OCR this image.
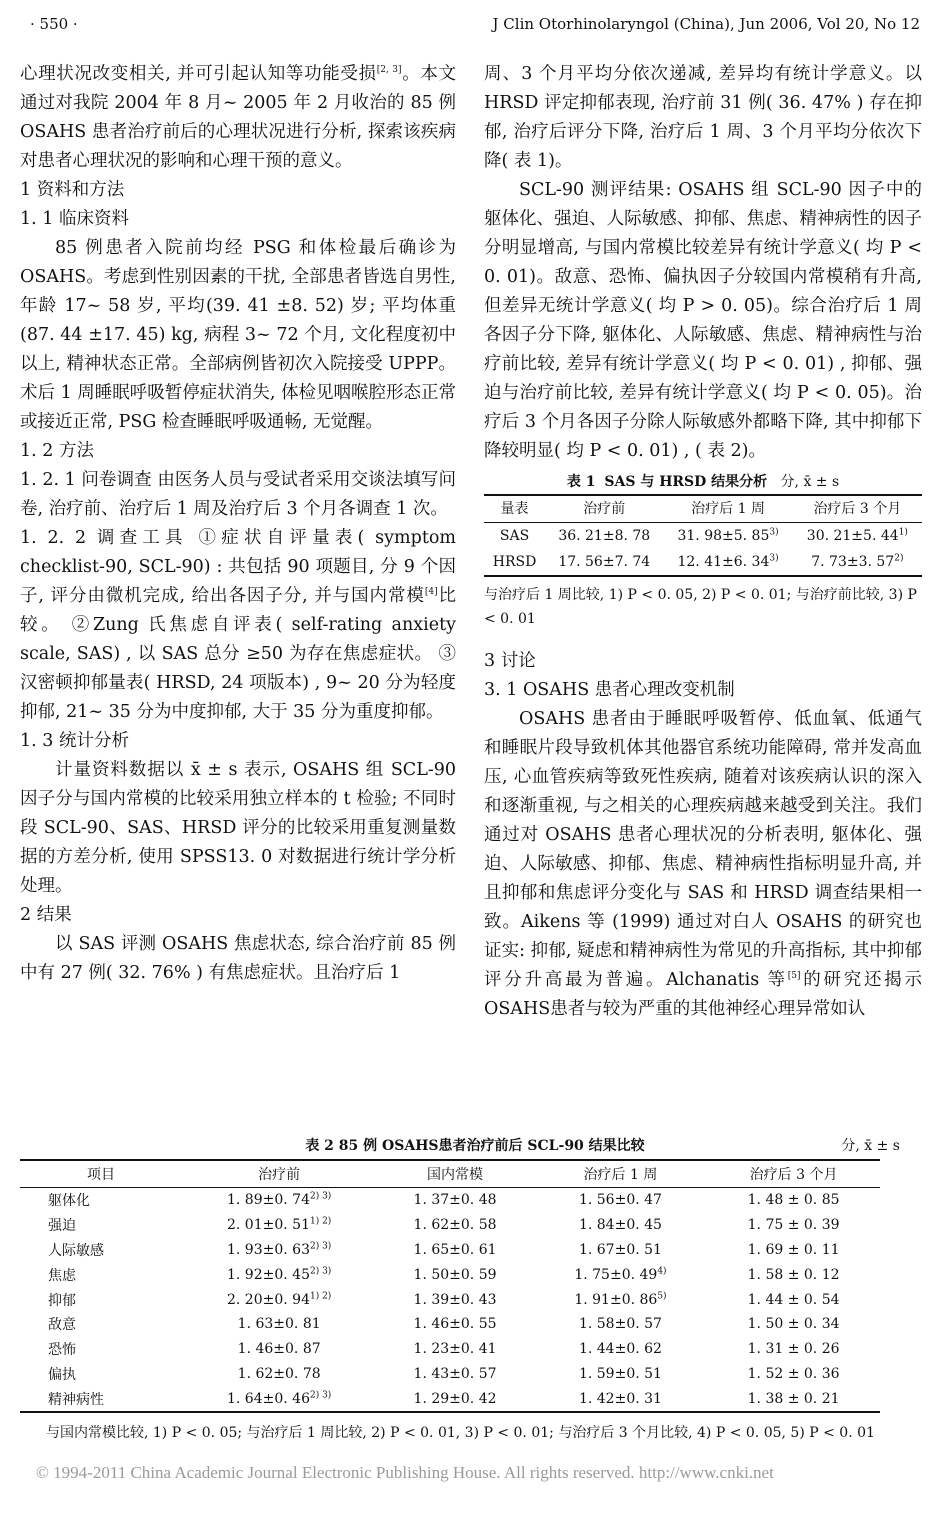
· 550 ·	J Clin Otorhinolaryngol (China), Jun 2006, Vol 20, No 12

心理状况改变相关, 并可引起认知等功能受损[2, 3]。本文通过对我院 2004 年 8 月~ 2005 年 2 月收治的 85 例 OSAHS 患者治疗前后的心理状况进行分析, 探索该疾病对患者心理状况的影响和心理干预的意义。

1 资料和方法

1. 1 临床资料

85 例患者入院前均经 PSG 和体检最后确诊为 OSAHS。考虑到性别因素的干扰, 全部患者皆选自男性, 年龄 17~ 58 岁, 平均(39. 41 ±8. 52) 岁; 平均体重(87. 44 ±17. 45) kg, 病程 3~ 72 个月, 文化程度初中以上, 精神状态正常。全部病例皆初次入院接受 UPPP。术后 1 周睡眠呼吸暂停症状消失, 体检见咽喉腔形态正常或接近正常, PSG 检查睡眠呼吸通畅, 无觉醒。

1. 2 方法

1. 2. 1 问卷调查 由医务人员与受试者采用交谈法填写问卷, 治疗前、治疗后 1 周及治疗后 3 个月各调查 1 次。

1. 2. 2 调查工具 ①症状自评量表( symptom checklist-90, SCL-90) : 共包括 90 项题目, 分 9 个因子, 评分由微机完成, 给出各因子分, 并与国内常模[4]比较。 ②Zung 氏焦虑自评表( self-rating anxiety scale, SAS) , 以 SAS 总分 ≥50 为存在焦虑症状。 ③汉密顿抑郁量表( HRSD, 24 项版本) , 9~ 20 分为轻度抑郁, 21~ 35 分为中度抑郁, 大于 35 分为重度抑郁。

1. 3 统计分析

计量资料数据以 x̄ ± s 表示, OSAHS 组 SCL-90 因子分与国内常模的比较采用独立样本的 t 检验; 不同时段 SCL-90、SAS、HRSD 评分的比较采用重复测量数据的方差分析, 使用 SPSS13. 0 对数据进行统计学分析处理。

2 结果

以 SAS 评测 OSAHS 焦虑状态, 综合治疗前 85 例中有 27 例( 32. 76% ) 有焦虑症状。且治疗后 1

周、3 个月平均分依次递减, 差异均有统计学意义。以 HRSD 评定抑郁表现, 治疗前 31 例( 36. 47% ) 存在抑郁, 治疗后评分下降, 治疗后 1 周、3 个月平均分依次下降( 表 1)。

SCL-90 测评结果: OSAHS 组 SCL-90 因子中的躯体化、强迫、人际敏感、抑郁、焦虑、精神病性的因子分明显增高, 与国内常模比较差异有统计学意义( 均 P < 0. 01)。敌意、恐怖、偏执因子分较国内常模稍有升高, 但差异无统计学意义( 均 P > 0. 05)。综合治疗后 1 周各因子分下降, 躯体化、人际敏感、焦虑、精神病性与治疗前比较, 差异有统计学意义( 均 P < 0. 01) , 抑郁、强迫与治疗前比较, 差异有统计学意义( 均 P < 0. 05)。治疗后 3 个月各因子分除人际敏感外都略下降, 其中抑郁下降较明显( 均 P < 0. 01) , ( 表 2)。

表 1 SAS 与 HRSD 结果分析 分, x̄ ± s
量表	治疗前	治疗后 1 周	治疗后 3 个月
SAS	36. 21±8. 78	31. 98±5. 85$^{3)}$	30. 21±5. 44$^{1)}$
HRSD	17. 56±7. 74	12. 41±6. 34$^{3)}$	7. 73±3. 57$^{2)}$
与治疗后 1 周比较, 1) P < 0. 05, 2) P < 0. 01; 与治疗前比较, 3) P < 0. 01

3 讨论

3. 1 OSAHS 患者心理改变机制

OSAHS 患者由于睡眠呼吸暂停、低血氧、低通气和睡眠片段导致机体其他器官系统功能障碍, 常并发高血压, 心血管疾病等致死性疾病, 随着对该疾病认识的深入和逐渐重视, 与之相关的心理疾病越来越受到关注。我们通过对 OSAHS 患者心理状况的分析表明, 躯体化、强迫、人际敏感、抑郁、焦虑、精神病性指标明显升高, 并且抑郁和焦虑评分变化与 SAS 和 HRSD 调查结果相一致。Aikens 等 (1999) 通过对白人 OSAHS 的研究也证实: 抑郁, 疑虑和精神病性为常见的升高指标, 其中抑郁评分升高最为普遍。Alchanatis 等[5]的研究还揭示 OSAHS患者与较为严重的其他神经心理异常如认

表 2 85 例 OSAHS患者治疗前后 SCL-90 结果比较	分, x̄ ± s
项目	治疗前	国内常模	治疗后 1 周	治疗后 3 个月
躯体化	1. 89±0. $74^{2) 3)}$	1. 37±0. 48	1. 56±0. 47	1. 48 ± 0. 85
强迫	2. 01±0. $51^{1) 2)}$	1. 62±0. 58	1. 84±0. 45	1. 75 ± 0. 39
人际敏感	1. 93±0. $63^{2) 3)}$	1. 65±0. 61	1. 67±0. 51	1. 69 ± 0. 11
焦虑	1. 92±0. $45^{2) 3)}$	1. 50±0. 59	1. 75±0. 49$^{4)}$	1. 58 ± 0. 12
抑郁	2. 20±0. $94^{1) 2)}$	1. 39±0. 43	1. 91±0. 86$^{5)}$	1. 44 ± 0. 54
敌意	1. 63±0. 81	1. 46±0. 55	1. 58±0. 57	1. 50 ± 0. 34
恐怖	1. 46±0. 87	1. 23±0. 41	1. 44±0. 62	1. 31 ± 0. 26
偏执	1. 62±0. 78	1. 43±0. 57	1. 59±0. 51	1. 52 ± 0. 36
精神病性	1. 64±0. $46^{2) 3)}$	1. 29±0. 42	1. 42±0. 31	1. 38 ± 0. 21
与国内常模比较, 1) P < 0. 05; 与治疗后 1 周比较, 2) P < 0. 01, 3) P < 0. 01; 与治疗后 3 个月比较, 4) P < 0. 05, 5) P < 0. 01
© 1994-2011 China Academic Journal Electronic Publishing House. All rights reserved. http://www.cnki.net
